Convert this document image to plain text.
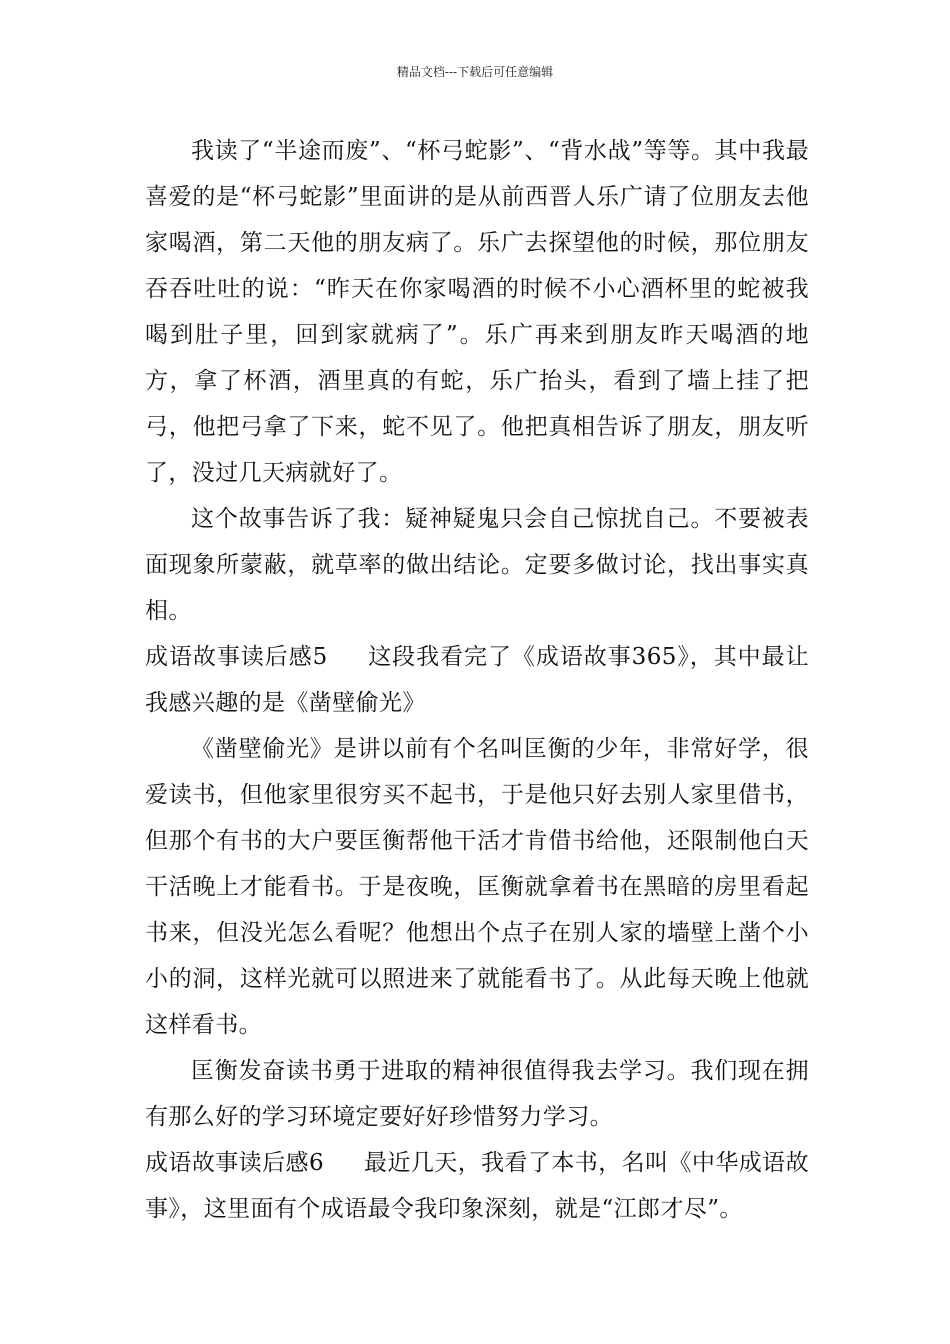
精品文档---下载后可任意编辑

我读了“半途而废”、“杯弓蛇影”、“背水战”等等。其中我最喜爱的是“杯弓蛇影”里面讲的是从前西晋人乐广请了位朋友去他家喝酒，第二天他的朋友病了。乐广去探望他的时候，那位朋友吞吞吐吐的说：“昨天在你家喝酒的时候不小心酒杯里的蛇被我喝到肚子里，回到家就病了”。乐广再来到朋友昨天喝酒的地方，拿了杯酒，酒里真的有蛇，乐广抬头，看到了墙上挂了把弓，他把弓拿了下来，蛇不见了。他把真相告诉了朋友，朋友听了，没过几天病就好了。

这个故事告诉了我：疑神疑鬼只会自己惊扰自己。不要被表面现象所蒙蔽，就草率的做出结论。定要多做讨论，找出事实真相。

成语故事读后感5 这段我看完了《成语故事365》，其中最让我感兴趣的是《凿壁偷光》

《凿壁偷光》是讲以前有个名叫匡衡的少年，非常好学，很爱读书，但他家里很穷买不起书，于是他只好去别人家里借书，但那个有书的大户要匡衡帮他干活才肯借书给他，还限制他白天干活晚上才能看书。于是夜晚，匡衡就拿着书在黑暗的房里看起书来，但没光怎么看呢？他想出个点子在别人家的墙壁上凿个小小的洞，这样光就可以照进来了就能看书了。从此每天晚上他就这样看书。

匡衡发奋读书勇于进取的精神很值得我去学习。我们现在拥有那么好的学习环境定要好好珍惜努力学习。

成语故事读后感6 最近几天，我看了本书，名叫《中华成语故事》，这里面有个成语最令我印象深刻，就是“江郎才尽”。
